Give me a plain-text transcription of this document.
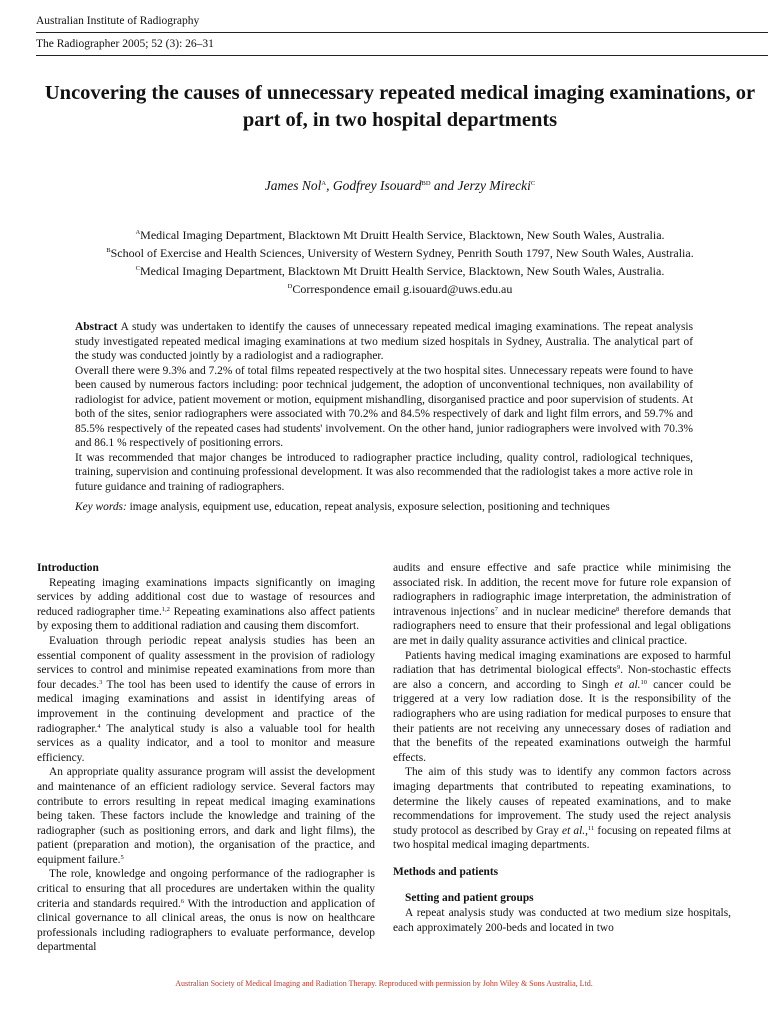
Australian Institute of Radiography
The Radiographer 2005; 52 (3): 26–31
Uncovering the causes of unnecessary repeated medical imaging examinations, or part of, in two hospital departments
James Nol$^A$, Godfrey Isouard$^{BD}$ and Jerzy Mirecki$^C$
$^A$Medical Imaging Department, Blacktown Mt Druitt Health Service, Blacktown, New South Wales, Australia.
$^B$School of Exercise and Health Sciences, University of Western Sydney, Penrith South 1797, New South Wales, Australia.
$^C$Medical Imaging Department, Blacktown Mt Druitt Health Service, Blacktown, New South Wales, Australia.
$^D$Correspondence email g.isouard@uws.edu.au

Abstract A study was undertaken to identify the causes of unnecessary repeated medical imaging examinations. The repeat analysis study investigated repeated medical imaging examinations at two medium sized hospitals in Sydney, Australia. The analytical part of the study was conducted jointly by a radiologist and a radiographer.

Overall there were 9.3% and 7.2% of total films repeated respectively at the two hospital sites. Unnecessary repeats were found to have been caused by numerous factors including: poor technical judgement, the adoption of unconventional techniques, non availability of radiologist for advice, patient movement or motion, equipment mishandling, disorganised practice and poor supervision of students. At both of the sites, senior radiographers were associated with 70.2% and 84.5% respectively of dark and light film errors, and 59.7% and 85.5% respectively of the repeated cases had students' involvement. On the other hand, junior radiographers were involved with 70.3% and 86.1 % respectively of positioning errors.

It was recommended that major changes be introduced to radiographer practice including, quality control, radiological techniques, training, supervision and continuing professional development. It was also recommended that the radiologist takes a more active role in future guidance and training of radiographers.

Key words: image analysis, equipment use, education, repeat analysis, exposure selection, positioning and techniques

Introduction

Repeating imaging examinations impacts significantly on imaging services by adding additional cost due to wastage of resources and reduced radiographer time.$^{1,2}$ Repeating examinations also affect patients by exposing them to additional radiation and causing them discomfort.

Evaluation through periodic repeat analysis studies has been an essential component of quality assessment in the provision of radiology services to control and minimise repeated examinations from more than four decades.$^3$ The tool has been used to identify the cause of errors in medical imaging examinations and assist in identifying areas of improvement in the continuing development and practice of the radiographer.$^4$ The analytical study is also a valuable tool for health services as a quality indicator, and a tool to monitor and measure efficiency.

An appropriate quality assurance program will assist the development and maintenance of an efficient radiology service. Several factors may contribute to errors resulting in repeat medical imaging examinations being taken. These factors include the knowledge and training of the radiographer (such as positioning errors, and dark and light films), the patient (preparation and motion), the organisation of the practice, and equipment failure.$^5$

The role, knowledge and ongoing performance of the radiographer is critical to ensuring that all procedures are undertaken within the quality criteria and standards required.$^6$ With the introduction and application of clinical governance to all clinical areas, the onus is now on healthcare professionals including radiographers to evaluate performance, develop departmental

audits and ensure effective and safe practice while minimising the associated risk. In addition, the recent move for future role expansion of radiographers in radiographic image interpretation, the administration of intravenous injections$^7$ and in nuclear medicine$^8$ therefore demands that radiographers need to ensure that their professional and legal obligations are met in daily quality assurance activities and clinical practice.

Patients having medical imaging examinations are exposed to harmful radiation that has detrimental biological effects$^9$. Non-stochastic effects are also a concern, and according to Singh et al.$^{10}$ cancer could be triggered at a very low radiation dose. It is the responsibility of the radiographers who are using radiation for medical purposes to ensure that their patients are not receiving any unnecessary doses of radiation and that the benefits of the repeated examinations outweigh the harmful effects.

The aim of this study was to identify any common factors across imaging departments that contributed to repeating examinations, to determine the likely causes of repeated examinations, and to make recommendations for improvement. The study used the reject analysis study protocol as described by Gray et al.,$^{11}$ focusing on repeated films at two hospital medical imaging departments.

Methods and patients
Setting and patient groups

A repeat analysis study was conducted at two medium size hospitals, each approximately 200-beds and located in two

Australian Society of Medical Imaging and Radiation Therapy. Reproduced with permission by John Wiley & Sons Australia, Ltd.
